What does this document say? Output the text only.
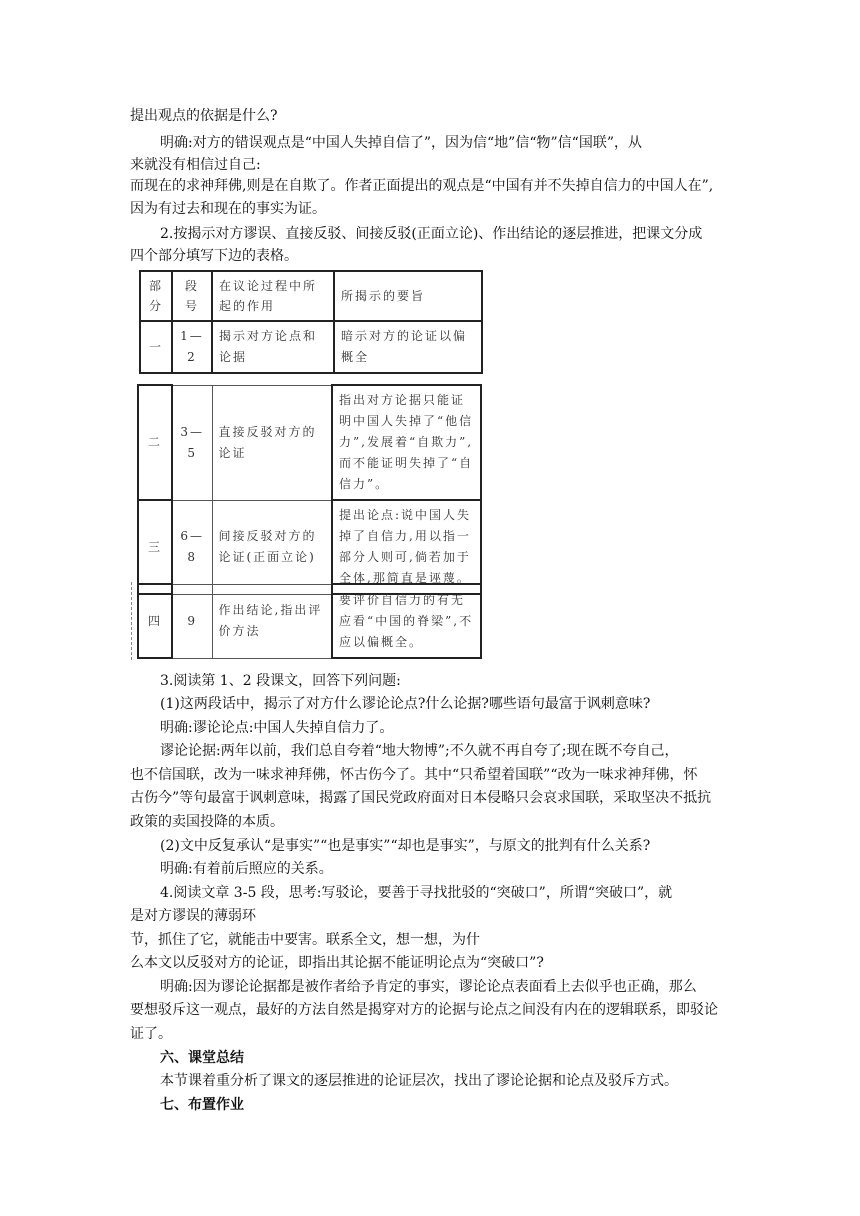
提出观点的依据是什么?
明确:对方的错误观点是“中国人失掉自信了”，因为信“地”信“物”信“国联”，从
来就没有相信过自己:
而现在的求神拜佛,则是在自欺了。作者正面提出的观点是“中国有并不失掉自信力的中国人在”,
因为有过去和现在的事实为证。
2.按揭示对方谬误、直接反驳、间接反驳(正面立论)、作出结论的逐层推进，把课文分成
四个部分填写下边的表格。
部分	段号	在议论过程中所起的作用	所揭示的要旨
一	1—2	揭示对方论点和论据	暗示对方的论证以偏概全
二	3—5	直接反驳对方的论证	指出对方论据只能证明中国人失掉了“他信力”,发展着“自欺力”,而不能证明失掉了“自信力”。
三	6—8	间接反驳对方的论证(正面立论)	提出论点:说中国人失掉了自信力,用以指一部分人则可,倘若加于全体,那简直是诬蔑。
四	9	作出结论,指出评价方法	要评价自信力的有无应看“中国的脊梁”,不应以偏概全。
3.阅读第 1、2 段课文，回答下列问题:
(1)这两段话中，揭示了对方什么谬论论点?什么论据?哪些语句最富于讽刺意味?
明确:谬论论点:中国人失掉自信力了。
谬论论据:两年以前，我们总自夸着“地大物博”;不久就不再自夸了;现在既不夸自己，
也不信国联，改为一味求神拜佛，怀古伤今了。其中“只希望着国联”“改为一味求神拜佛，怀
古伤今”等句最富于讽刺意味，揭露了国民党政府面对日本侵略只会哀求国联，采取坚决不抵抗
政策的卖国投降的本质。
(2)文中反复承认“是事实”“也是事实”“却也是事实”，与原文的批判有什么关系?
明确:有着前后照应的关系。
4.阅读文章 3-5 段，思考:写驳论，要善于寻找批驳的“突破口”，所谓“突破口”，就
是对方谬误的薄弱环
节，抓住了它，就能击中要害。联系全文，想一想，为什
么本文以反驳对方的论证，即指出其论据不能证明论点为“突破口”?
明确:因为谬论论据都是被作者给予肯定的事实，谬论论点表面看上去似乎也正确，那么
要想驳斥这一观点，最好的方法自然是揭穿对方的论据与论点之间没有内在的逻辑联系，即驳论
证了。
六、课堂总结
本节课着重分析了课文的逐层推进的论证层次，找出了谬论论据和论点及驳斥方式。
七、布置作业
